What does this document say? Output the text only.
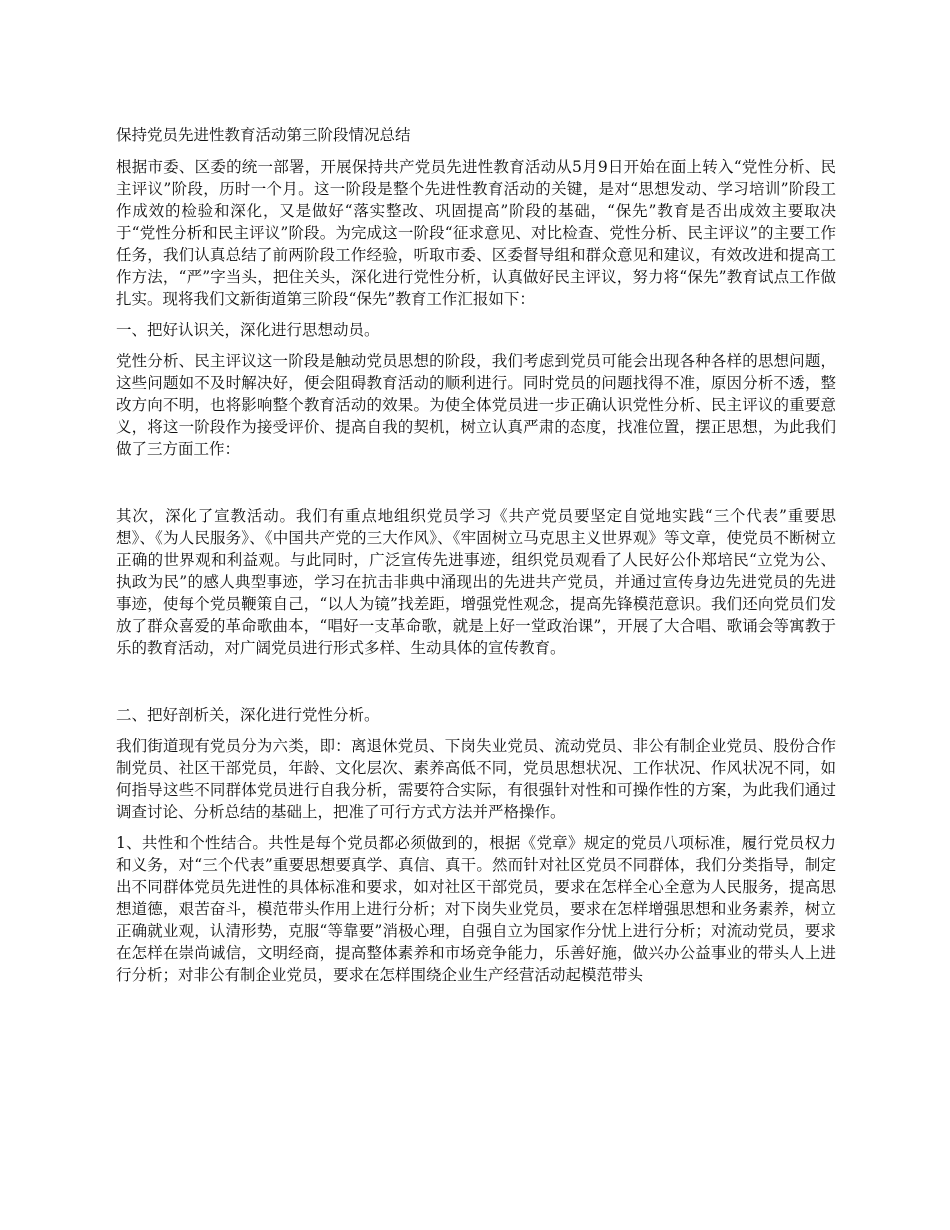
保持党员先进性教育活动第三阶段情况总结

根据市委、区委的统一部署，开展保持共产党员先进性教育活动从5月9日开始在面上转入“党性分析、民主评议”阶段，历时一个月。这一阶段是整个先进性教育活动的关键，是对“思想发动、学习培训”阶段工作成效的检验和深化，又是做好“落实整改、巩固提高”阶段的基础，“保先”教育是否出成效主要取决于“党性分析和民主评议”阶段。为完成这一阶段“征求意见、对比检查、党性分析、民主评议”的主要工作任务，我们认真总结了前两阶段工作经验，听取市委、区委督导组和群众意见和建议，有效改进和提高工作方法，“严”字当头，把住关头，深化进行党性分析，认真做好民主评议，努力将“保先”教育试点工作做扎实。现将我们文新街道第三阶段“保先”教育工作汇报如下：

一、把好认识关，深化进行思想动员。

党性分析、民主评议这一阶段是触动党员思想的阶段，我们考虑到党员可能会出现各种各样的思想问题，这些问题如不及时解决好，便会阻碍教育活动的顺利进行。同时党员的问题找得不准，原因分析不透，整改方向不明，也将影响整个教育活动的效果。为使全体党员进一步正确认识党性分析、民主评议的重要意义，将这一阶段作为接受评价、提高自我的契机，树立认真严肃的态度，找准位置，摆正思想，为此我们做了三方面工作：

其次，深化了宣教活动。我们有重点地组织党员学习《共产党员要坚定自觉地实践“三个代表”重要思想》、《为人民服务》、《中国共产党的三大作风》、《牢固树立马克思主义世界观》等文章，使党员不断树立正确的世界观和利益观。与此同时，广泛宣传先进事迹，组织党员观看了人民好公仆郑培民“立党为公、执政为民”的感人典型事迹，学习在抗击非典中涌现出的先进共产党员，并通过宣传身边先进党员的先进事迹，使每个党员鞭策自己，“以人为镜”找差距，增强党性观念，提高先锋模范意识。我们还向党员们发放了群众喜爱的革命歌曲本，“唱好一支革命歌，就是上好一堂政治课”，开展了大合唱、歌诵会等寓教于乐的教育活动，对广阔党员进行形式多样、生动具体的宣传教育。

二、把好剖析关，深化进行党性分析。

我们街道现有党员分为六类，即：离退休党员、下岗失业党员、流动党员、非公有制企业党员、股份合作制党员、社区干部党员，年龄、文化层次、素养高低不同，党员思想状况、工作状况、作风状况不同，如何指导这些不同群体党员进行自我分析，需要符合实际，有很强针对性和可操作性的方案，为此我们通过调查讨论、分析总结的基础上，把准了可行方式方法并严格操作。

1、共性和个性结合。共性是每个党员都必须做到的，根据《党章》规定的党员八项标准，履行党员权力和义务，对“三个代表”重要思想要真学、真信、真干。然而针对社区党员不同群体，我们分类指导，制定出不同群体党员先进性的具体标准和要求，如对社区干部党员，要求在怎样全心全意为人民服务，提高思想道德，艰苦奋斗，模范带头作用上进行分析；对下岗失业党员，要求在怎样增强思想和业务素养，树立正确就业观，认清形势，克服“等靠要”消极心理，自强自立为国家作分忧上进行分析；对流动党员，要求在怎样在崇尚诚信，文明经商，提高整体素养和市场竞争能力，乐善好施，做兴办公益事业的带头人上进行分析；对非公有制企业党员，要求在怎样围绕企业生产经营活动起模范带头
